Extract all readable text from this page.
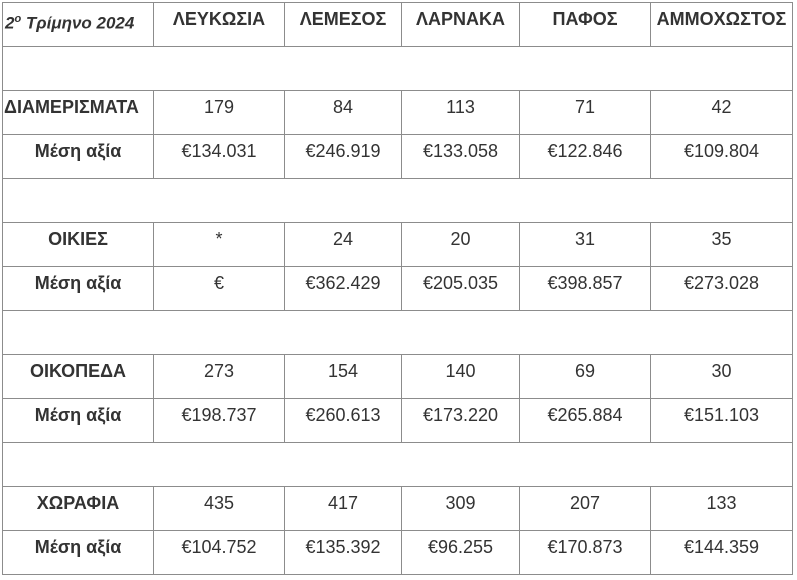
$2^o$ Τρίμηνο 2024	ΛΕΥΚΩΣΙΑ	ΛΕΜΕΣΟΣ	ΛΑΡΝΑΚΑ	ΠΑΦΟΣ	ΑΜΜΟΧΩΣΤΟΣ

ΔΙΑΜΕΡΙΣΜΑΤΑ	179	84	113	71	42

Μέση αξία	€134.031	€246.919	€133.058	€122.846	€109.804

ΟΙΚΙΕΣ	*	24	20	31	35

Μέση αξία	€	€362.429	€205.035	€398.857	€273.028

ΟΙΚΟΠΕΔΑ	273	154	140	69	30

Μέση αξία	€198.737	€260.613	€173.220	€265.884	€151.103

ΧΩΡΑΦΙΑ	435	417	309	207	133

Μέση αξία	€104.752	€135.392	€96.255	€170.873	€144.359
